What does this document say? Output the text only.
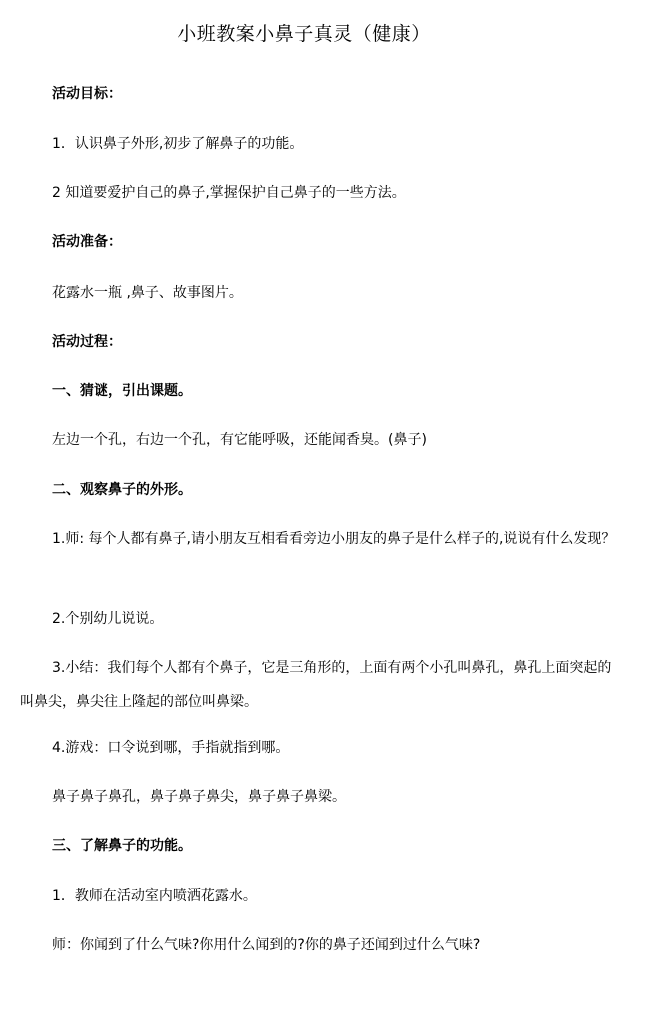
小班教案小鼻子真灵（健康）
活动目标：
1．认识鼻子外形,初步了解鼻子的功能。
2 知道要爱护自己的鼻子,掌握保护自己鼻子的一些方法。
活动准备：
花露水一瓶 ,鼻子、故事图片。
活动过程：
一、猜谜，引出课题。
左边一个孔，右边一个孔，有它能呼吸，还能闻香臭。(鼻子)
二、观察鼻子的外形。
1.师: 每个人都有鼻子,请小朋友互相看看旁边小朋友的鼻子是什么样子的,说说有什么发现？
2.个别幼儿说说。
3.小结：我们每个人都有个鼻子，它是三角形的，上面有两个小孔叫鼻孔，鼻孔上面突起的叫鼻尖，鼻尖往上隆起的部位叫鼻梁。
4.游戏：口令说到哪，手指就指到哪。
鼻子鼻子鼻孔，鼻子鼻子鼻尖，鼻子鼻子鼻梁。
三、了解鼻子的功能。
1．教师在活动室内喷洒花露水。
师：你闻到了什么气味?你用什么闻到的?你的鼻子还闻到过什么气味?
